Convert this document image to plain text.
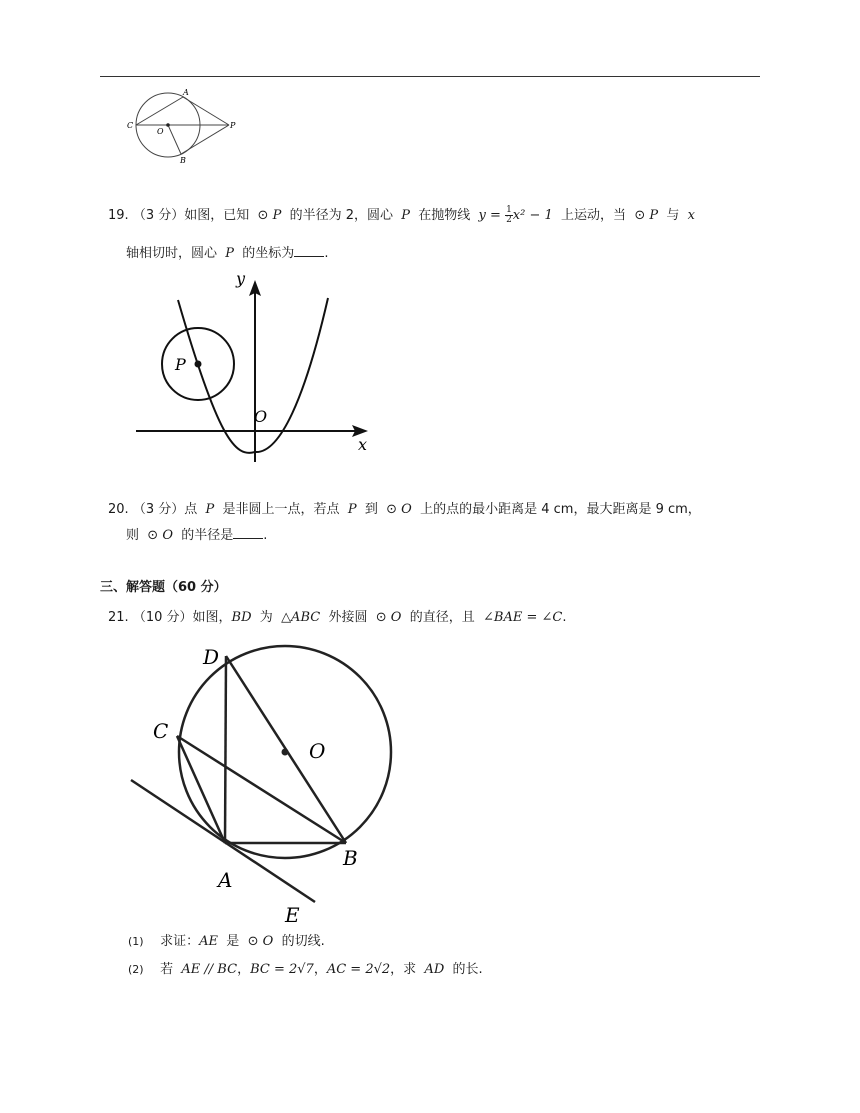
A
C
O
P
B
19. （3 分）如图，已知 ⊙ P 的半径为 2，圆心 P 在抛物线 $y = \frac{1}{2} x^2 - 1$ 上运动，当 ⊙ P 与 x
轴相切时，圆心 P 的坐标为 .
y
x
O
P
20. （3 分）点 P 是非圆上一点，若点 P 到 ⊙ O 上的点的最小距离是 4 cm，最大距离是 9 cm，
则 ⊙ O 的半径是 .
三、解答题（60 分）
21. （10 分）如图，BD 为 △ABC 外接圆 ⊙ O 的直径，且 ∠BAE = ∠C.
D
C
O
A
B
E
(1) 求证：AE 是 ⊙ O 的切线.
(2) 若 AE // BC，BC = 2√7，AC = 2√2，求 AD 的长.
